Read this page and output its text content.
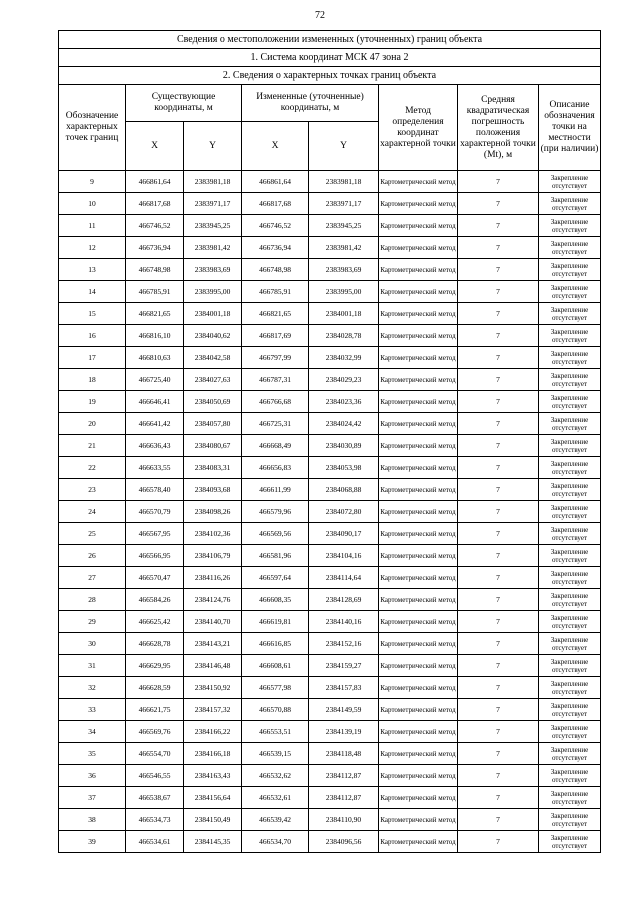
72
Сведения о местоположении измененных (уточненных) границ объекта							
1. Система координат МСК 47 зона 2							
2. Сведения о характерных точках границ объекта							
Обозначение характерных точек границ	Существующие координаты, м		Измененные (уточненные) координаты, м		Метод определения координат характерной точки	Средняя квадратическая погрешность положения характерной точки (Mt), м	Описание обозначения точки на местности (при наличии)
	X	Y	X	Y			
9	466861,64	2383981,18	466861,64	2383981,18	Картометрический метод	7	Закрепление отсутствует
10	466817,68	2383971,17	466817,68	2383971,17	Картометрический метод	7	Закрепление отсутствует
11	466746,52	2383945,25	466746,52	2383945,25	Картометрический метод	7	Закрепление отсутствует
12	466736,94	2383981,42	466736,94	2383981,42	Картометрический метод	7	Закрепление отсутствует
13	466748,98	2383983,69	466748,98	2383983,69	Картометрический метод	7	Закрепление отсутствует
14	466785,91	2383995,00	466785,91	2383995,00	Картометрический метод	7	Закрепление отсутствует
15	466821,65	2384001,18	466821,65	2384001,18	Картометрический метод	7	Закрепление отсутствует
16	466816,10	2384040,62	466817,69	2384028,78	Картометрический метод	7	Закрепление отсутствует
17	466810,63	2384042,58	466797,99	2384032,99	Картометрический метод	7	Закрепление отсутствует
18	466725,40	2384027,63	466787,31	2384029,23	Картометрический метод	7	Закрепление отсутствует
19	466646,41	2384050,69	466766,68	2384023,36	Картометрический метод	7	Закрепление отсутствует
20	466641,42	2384057,80	466725,31	2384024,42	Картометрический метод	7	Закрепление отсутствует
21	466636,43	2384080,67	466668,49	2384030,89	Картометрический метод	7	Закрепление отсутствует
22	466633,55	2384083,31	466656,83	2384053,98	Картометрический метод	7	Закрепление отсутствует
23	466578,40	2384093,68	466611,99	2384068,88	Картометрический метод	7	Закрепление отсутствует
24	466570,79	2384098,26	466579,96	2384072,80	Картометрический метод	7	Закрепление отсутствует
25	466567,95	2384102,36	466569,56	2384090,17	Картометрический метод	7	Закрепление отсутствует
26	466566,95	2384106,79	466581,96	2384104,16	Картометрический метод	7	Закрепление отсутствует
27	466570,47	2384116,26	466597,64	2384114,64	Картометрический метод	7	Закрепление отсутствует
28	466584,26	2384124,76	466608,35	2384128,69	Картометрический метод	7	Закрепление отсутствует
29	466625,42	2384140,70	466619,81	2384140,16	Картометрический метод	7	Закрепление отсутствует
30	466628,78	2384143,21	466616,85	2384152,16	Картометрический метод	7	Закрепление отсутствует
31	466629,95	2384146,48	466608,61	2384159,27	Картометрический метод	7	Закрепление отсутствует
32	466628,59	2384150,92	466577,98	2384157,83	Картометрический метод	7	Закрепление отсутствует
33	466621,75	2384157,32	466570,88	2384149,59	Картометрический метод	7	Закрепление отсутствует
34	466569,76	2384166,22	466553,51	2384139,19	Картометрический метод	7	Закрепление отсутствует
35	466554,70	2384166,18	466539,15	2384118,48	Картометрический метод	7	Закрепление отсутствует
36	466546,55	2384163,43	466532,62	2384112,87	Картометрический метод	7	Закрепление отсутствует
37	466538,67	2384156,64	466532,61	2384112,87	Картометрический метод	7	Закрепление отсутствует
38	466534,73	2384150,49	466539,42	2384110,90	Картометрический метод	7	Закрепление отсутствует
39	466534,61	2384145,35	466534,70	2384096,56	Картометрический метод	7	Закрепление отсутствует
